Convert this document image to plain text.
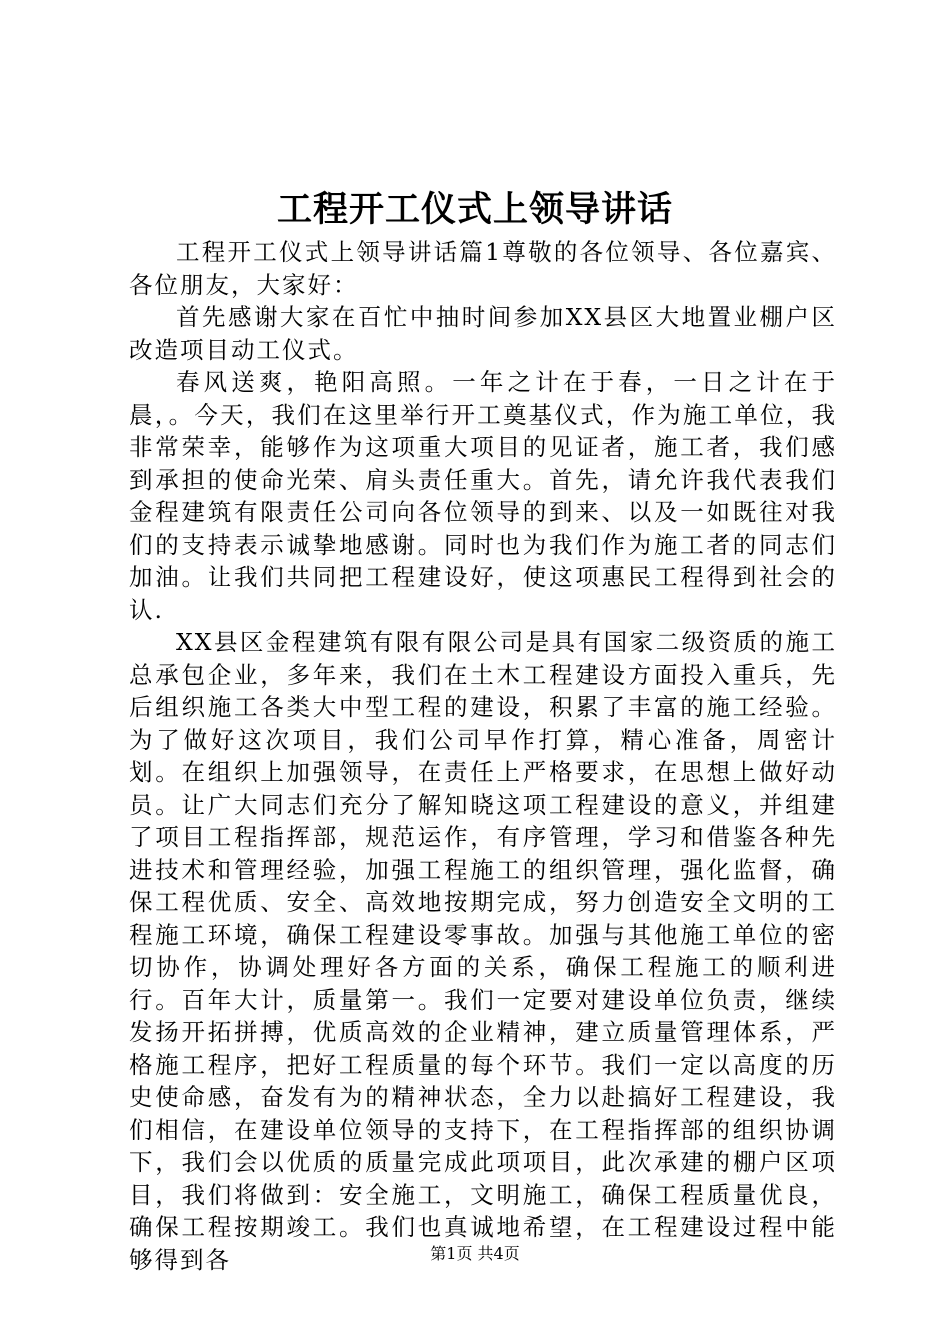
工程开工仪式上领导讲话

工程开工仪式上领导讲话篇1尊敬的各位领导、各位嘉宾、各位朋友，大家好：

首先感谢大家在百忙中抽时间参加XX县区大地置业棚户区改造项目动工仪式。

春风送爽，艳阳高照。一年之计在于春，一日之计在于晨，。今天，我们在这里举行开工奠基仪式，作为施工单位，我非常荣幸，能够作为这项重大项目的见证者，施工者，我们感到承担的使命光荣、肩头责任重大。首先，请允许我代表我们金程建筑有限责任公司向各位领导的到来、以及一如既往对我们的支持表示诚挚地感谢。同时也为我们作为施工者的同志们加油。让我们共同把工程建设好，使这项惠民工程得到社会的认.

XX县区金程建筑有限有限公司是具有国家二级资质的施工总承包企业，多年来，我们在土木工程建设方面投入重兵，先后组织施工各类大中型工程的建设，积累了丰富的施工经验。为了做好这次项目，我们公司早作打算，精心准备，周密计划。在组织上加强领导，在责任上严格要求，在思想上做好动员。让广大同志们充分了解知晓这项工程建设的意义，并组建了项目工程指挥部，规范运作，有序管理，学习和借鉴各种先进技术和管理经验，加强工程施工的组织管理，强化监督，确保工程优质、安全、高效地按期完成，努力创造安全文明的工程施工环境，确保工程建设零事故。加强与其他施工单位的密切协作，协调处理好各方面的关系，确保工程施工的顺利进行。百年大计，质量第一。我们一定要对建设单位负责，继续发扬开拓拼搏，优质高效的企业精神，建立质量管理体系，严格施工程序，把好工程质量的每个环节。我们一定以高度的历史使命感，奋发有为的精神状态，全力以赴搞好工程建设，我们相信，在建设单位领导的支持下，在工程指挥部的组织协调下，我们会以优质的质量完成此项项目，此次承建的棚户区项目，我们将做到：安全施工，文明施工，确保工程质量优良，确保工程按期竣工。我们也真诚地希望，在工程建设过程中能够得到各	第1页 共4页
